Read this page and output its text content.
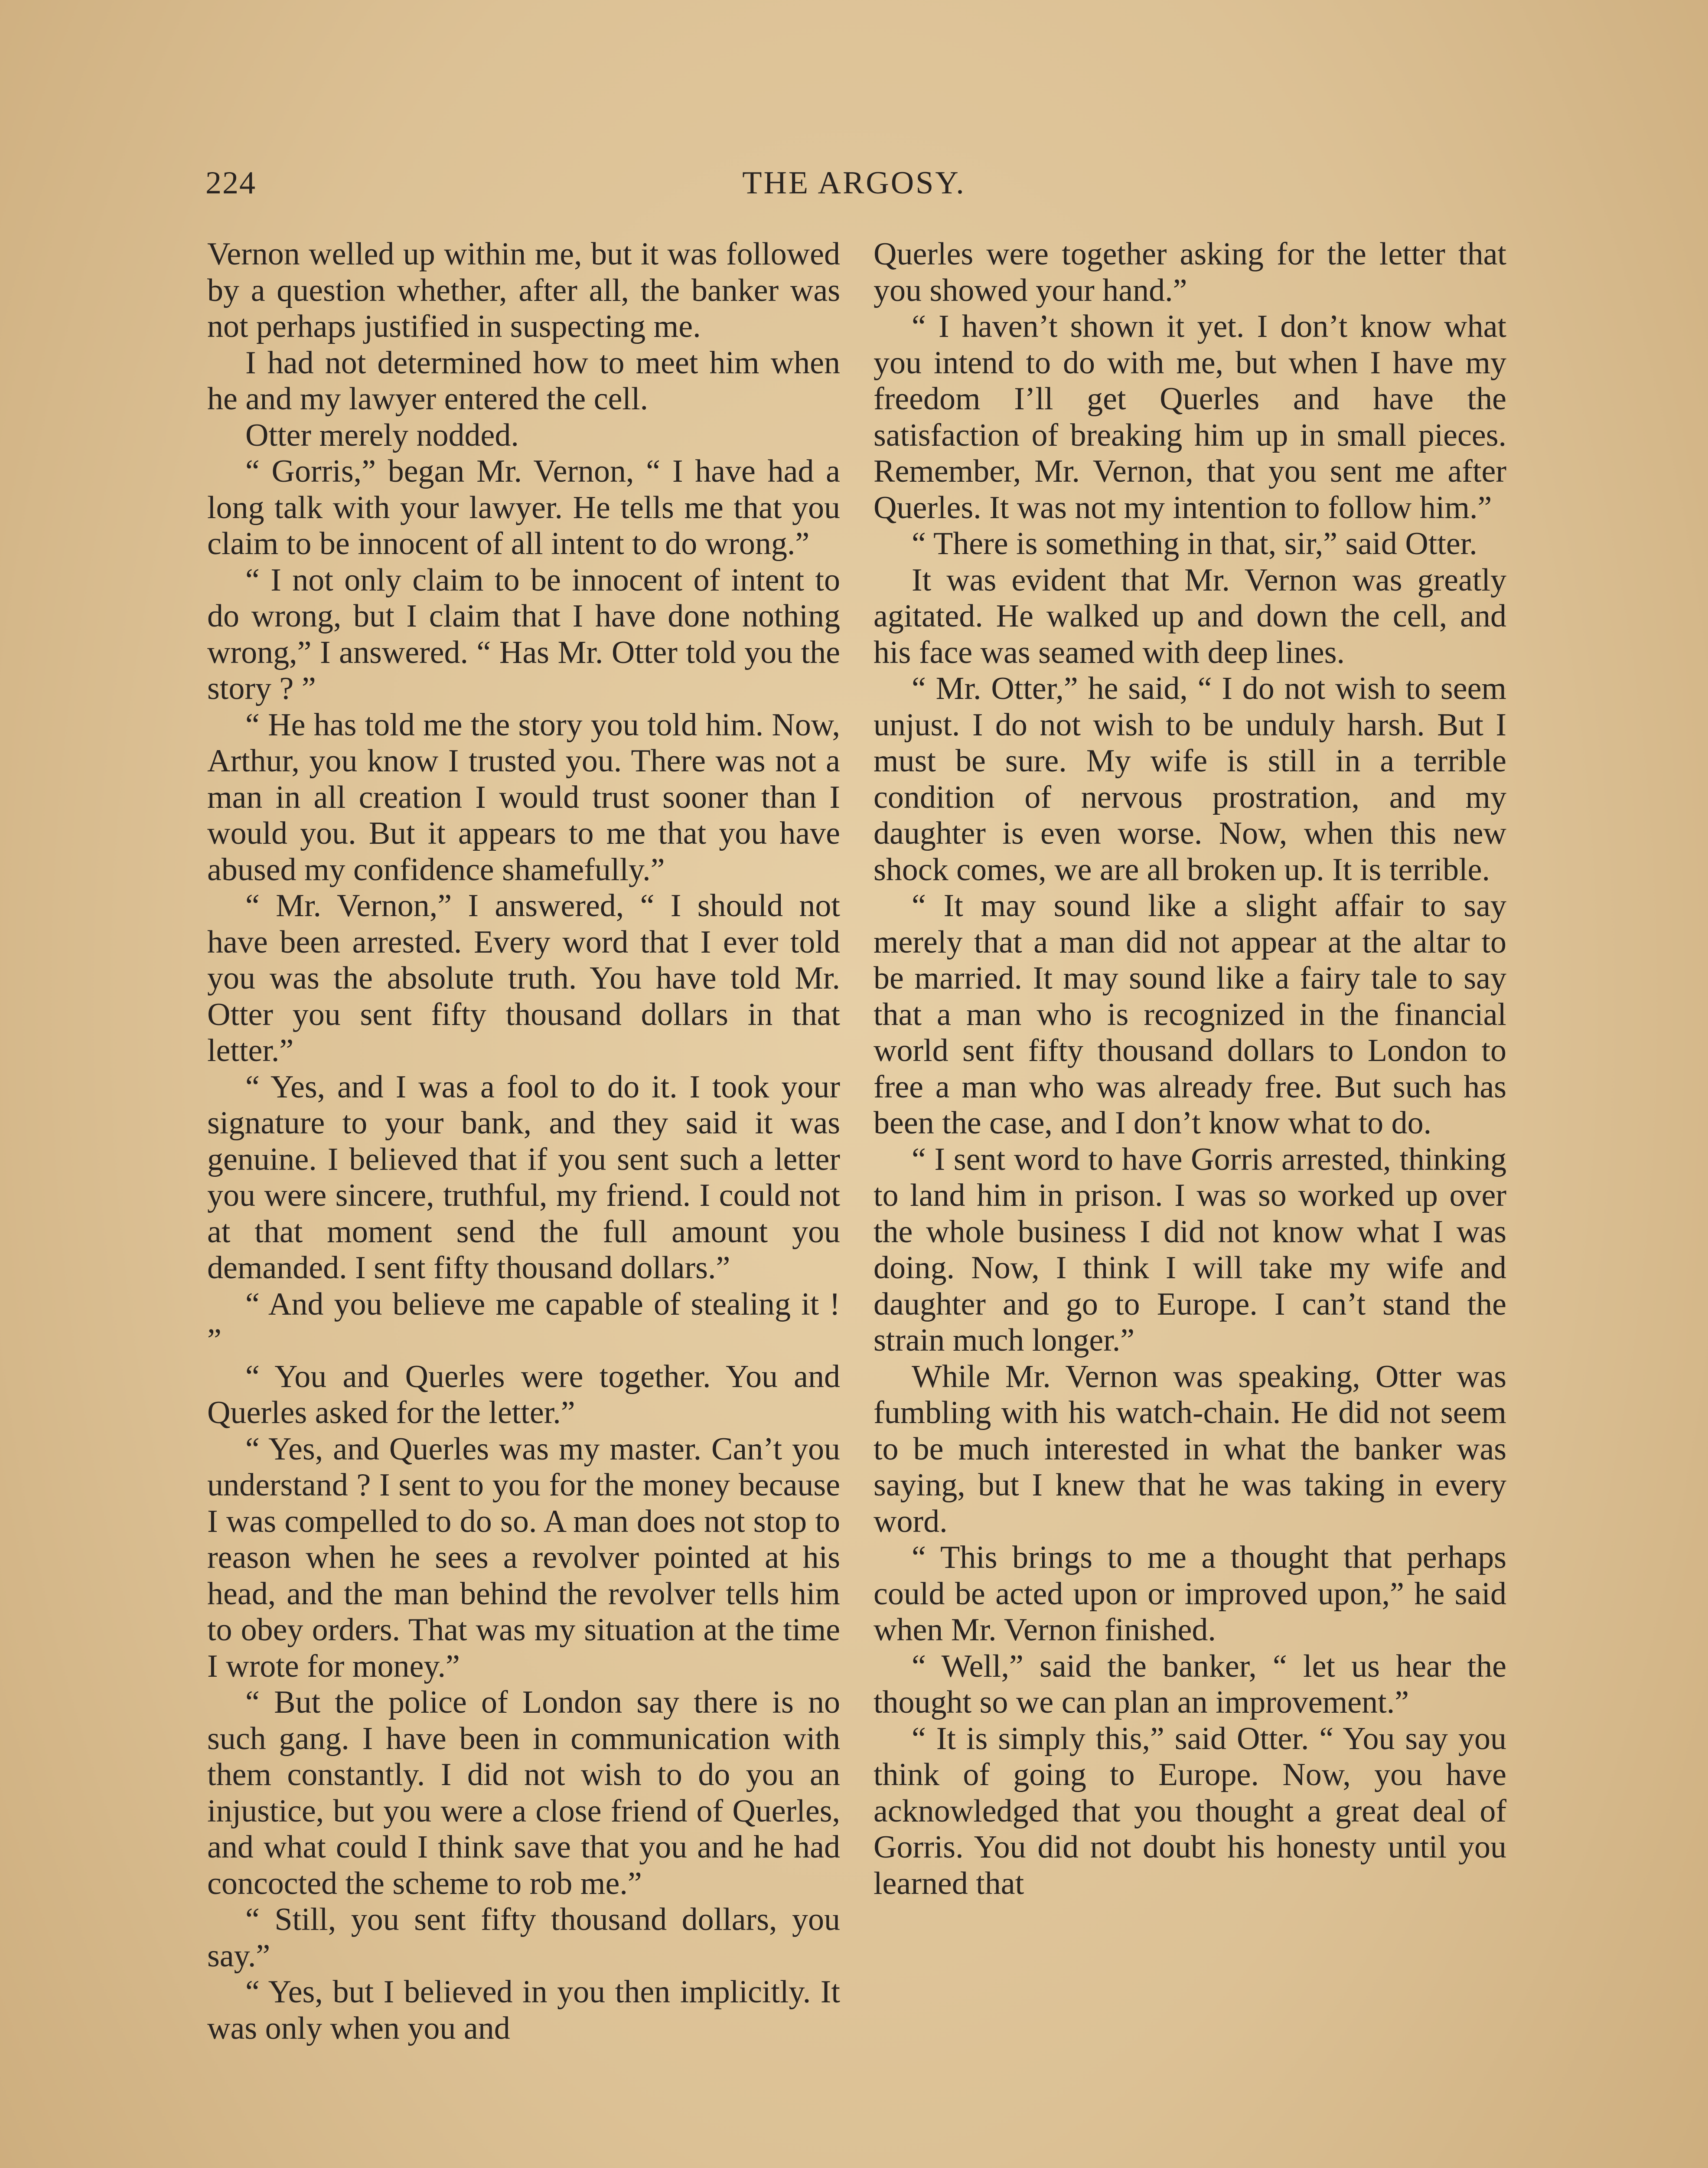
224	THE ARGOSY.

Vernon welled up within me, but it was followed by a question whether, after all, the banker was not perhaps justified in suspecting me.

I had not determined how to meet him when he and my lawyer entered the cell.

Otter merely nodded.

“ Gorris,” began Mr. Vernon, “ I have had a long talk with your lawyer. He tells me that you claim to be innocent of all intent to do wrong.”

“ I not only claim to be innocent of intent to do wrong, but I claim that I have done nothing wrong,” I answered. “ Has Mr. Otter told you the story ? ”

“ He has told me the story you told him. Now, Arthur, you know I trusted you. There was not a man in all creation I would trust sooner than I would you. But it appears to me that you have abused my confidence shamefully.”

“ Mr. Vernon,” I answered, “ I should not have been arrested. Every word that I ever told you was the absolute truth. You have told Mr. Otter you sent fifty thousand dollars in that letter.”

“ Yes, and I was a fool to do it. I took your signature to your bank, and they said it was genuine. I believed that if you sent such a letter you were sincere, truthful, my friend. I could not at that moment send the full amount you demanded. I sent fifty thousand dollars.”

“ And you believe me capable of stealing it ! ”

“ You and Querles were together. You and Querles asked for the letter.”

“ Yes, and Querles was my master. Can’t you understand ? I sent to you for the money because I was compelled to do so. A man does not stop to reason when he sees a revolver pointed at his head, and the man behind the revolver tells him to obey orders. That was my situation at the time I wrote for money.”

“ But the police of London say there is no such gang. I have been in communication with them constantly. I did not wish to do you an injustice, but you were a close friend of Querles, and what could I think save that you and he had concocted the scheme to rob me.”

“ Still, you sent fifty thousand dollars, you say.”

“ Yes, but I believed in you then implicitly. It was only when you and

Querles were together asking for the letter that you showed your hand.”

“ I haven’t shown it yet. I don’t know what you intend to do with me, but when I have my freedom I’ll get Querles and have the satisfaction of breaking him up in small pieces. Remember, Mr. Vernon, that you sent me after Querles. It was not my intention to follow him.”

“ There is something in that, sir,” said Otter.

It was evident that Mr. Vernon was greatly agitated. He walked up and down the cell, and his face was seamed with deep lines.

“ Mr. Otter,” he said, “ I do not wish to seem unjust. I do not wish to be unduly harsh. But I must be sure. My wife is still in a terrible condition of nervous prostration, and my daughter is even worse. Now, when this new shock comes, we are all broken up. It is terrible.

“ It may sound like a slight affair to say merely that a man did not appear at the altar to be married. It may sound like a fairy tale to say that a man who is recognized in the financial world sent fifty thousand dollars to London to free a man who was already free. But such has been the case, and I don’t know what to do.

“ I sent word to have Gorris arrested, thinking to land him in prison. I was so worked up over the whole business I did not know what I was doing. Now, I think I will take my wife and daughter and go to Europe. I can’t stand the strain much longer.”

While Mr. Vernon was speaking, Otter was fumbling with his watch-chain. He did not seem to be much interested in what the banker was saying, but I knew that he was taking in every word.

“ This brings to me a thought that perhaps could be acted upon or improved upon,” he said when Mr. Vernon finished.

“ Well,” said the banker, “ let us hear the thought so we can plan an improvement.”

“ It is simply this,” said Otter. “ You say you think of going to Europe. Now, you have acknowledged that you thought a great deal of Gorris. You did not doubt his honesty until you learned that
